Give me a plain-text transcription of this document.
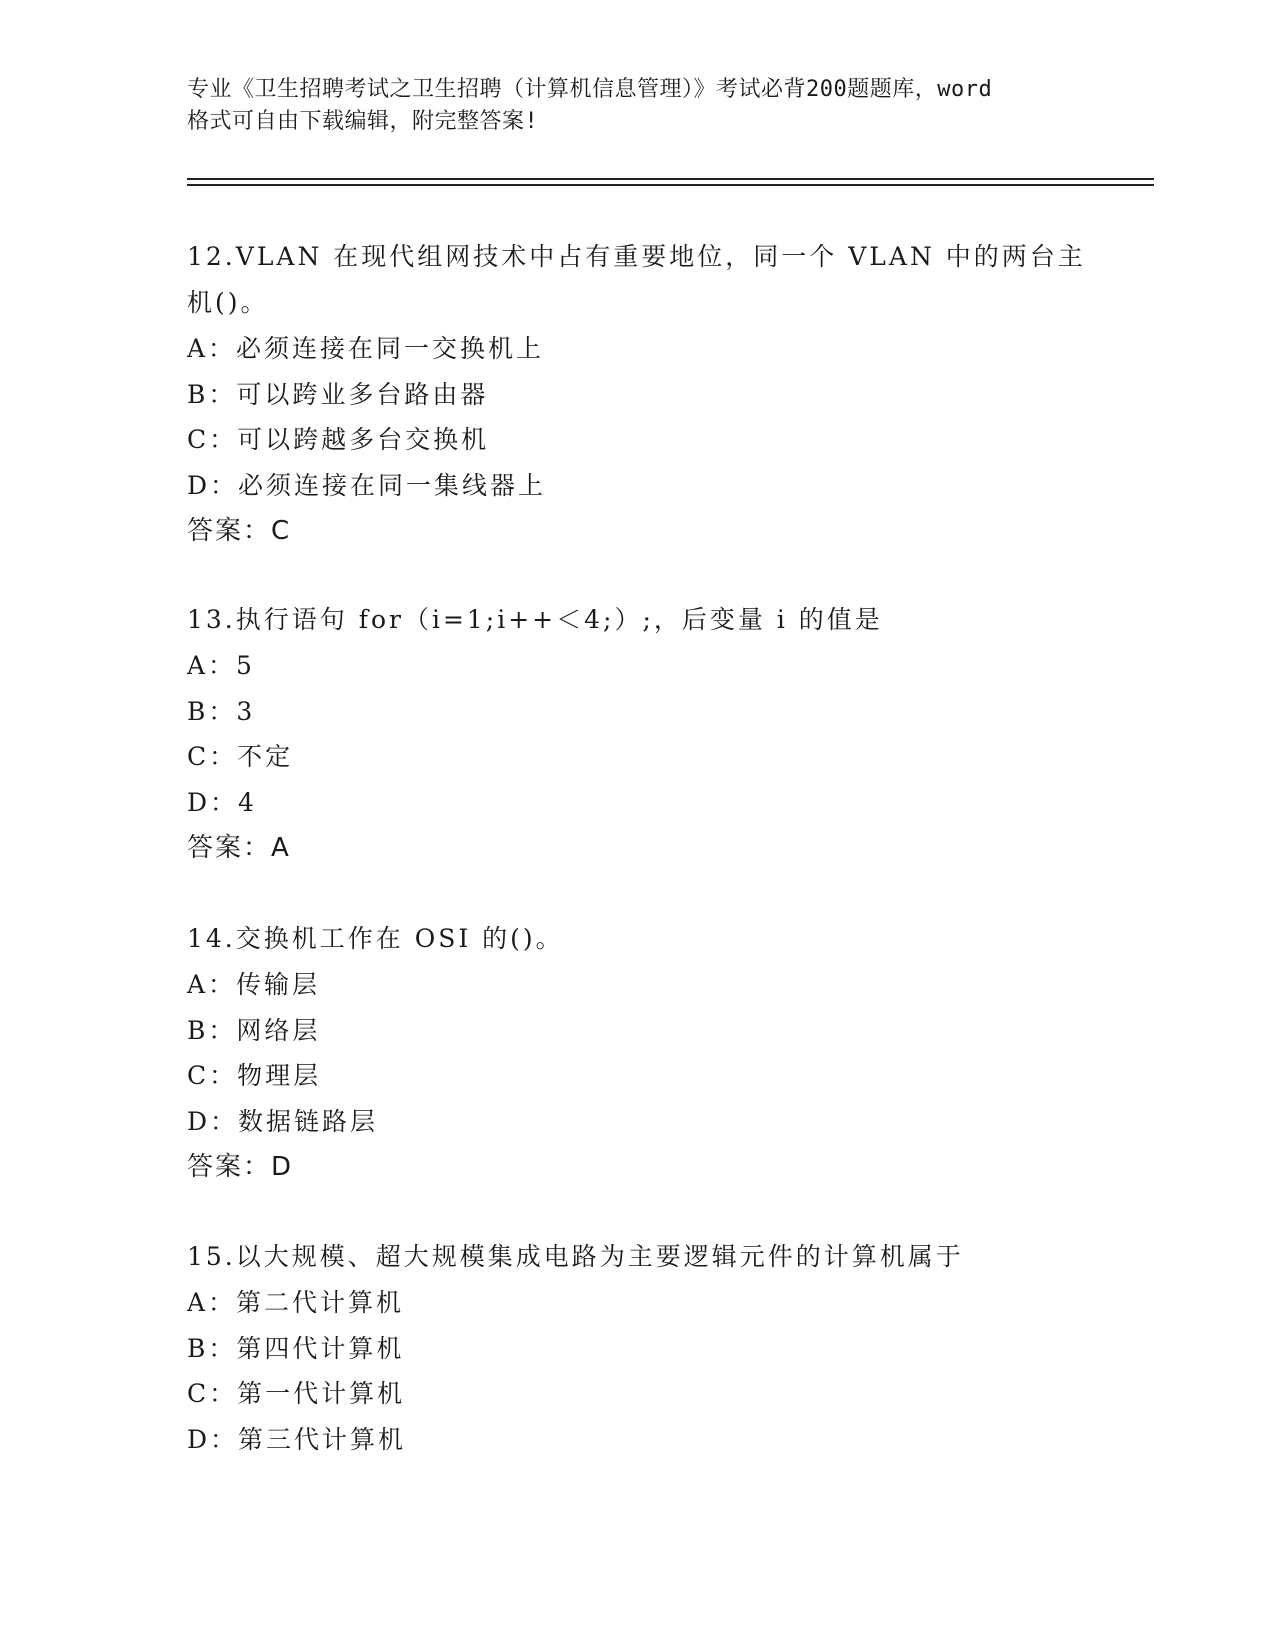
专业《卫生招聘考试之卫生招聘（计算机信息管理）》考试必背200题题库，word
格式可自由下载编辑，附完整答案!

12.VLAN 在现代组网技术中占有重要地位，同一个 VLAN 中的两台主机()。

A：必须连接在同一交换机上

B：可以跨业多台路由器

C：可以跨越多台交换机

D：必须连接在同一集线器上

答案：C

13.执行语句 for（i=1;i++＜4;）;，后变量 i 的值是

A：5

B：3

C：不定

D：4

答案：A

14.交换机工作在 OSI 的()。

A：传输层

B：网络层

C：物理层

D：数据链路层

答案：D

15.以大规模、超大规模集成电路为主要逻辑元件的计算机属于

A：第二代计算机

B：第四代计算机

C：第一代计算机

D：第三代计算机
